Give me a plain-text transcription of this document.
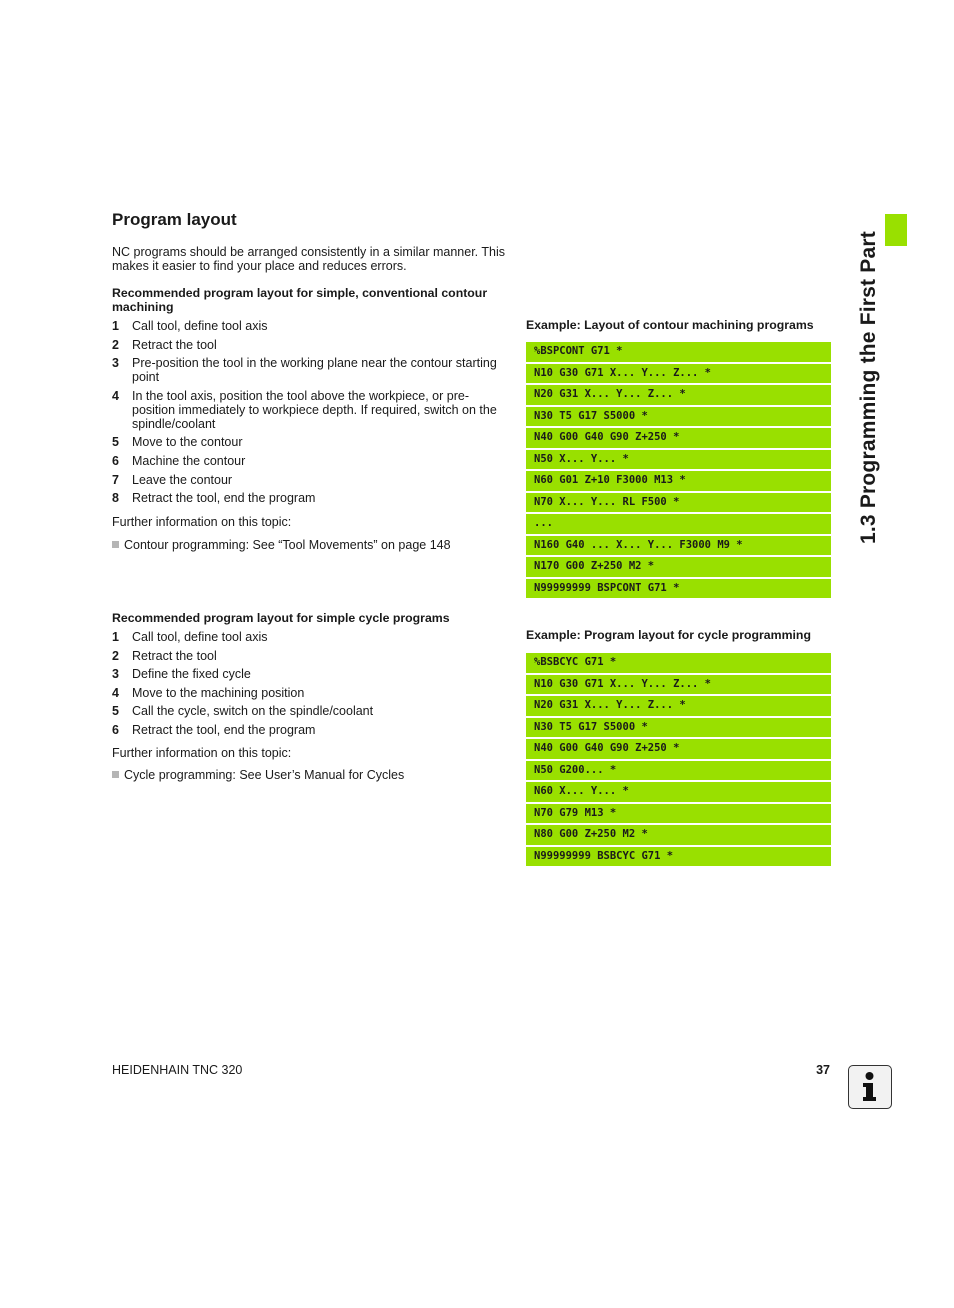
1.3 Programming the First Part
Program layout
NC programs should be arranged consistently in a similar manner. This makes it easier to find your place and reduces errors.
Recommended program layout for simple, conventional contour machining
1	Call tool, define tool axis
2	Retract the tool
3	Pre-position the tool in the working plane near the contour starting point
4	In the tool axis, position the tool above the workpiece, or pre-position immediately to workpiece depth. If required, switch on the spindle/coolant
5	Move to the contour
6	Machine the contour
7	Leave the contour
8	Retract the tool, end the program
Further information on this topic:
Contour programming: See “Tool Movements” on page 148
Example: Layout of contour machining programs
%BSPCONT G71 *
N10 G30 G71 X... Y... Z... *
N20 G31 X... Y... Z... *
N30 T5 G17 S5000 *
N40 G00 G40 G90 Z+250 *
N50 X... Y... *
N60 G01 Z+10 F3000 M13 *
N70 X... Y... RL F500 *
...
N160 G40 ... X... Y... F3000 M9 *
N170 G00 Z+250 M2 *
N99999999 BSPCONT G71 *
Recommended program layout for simple cycle programs
1	Call tool, define tool axis
2	Retract the tool
3	Define the fixed cycle
4	Move to the machining position
5	Call the cycle, switch on the spindle/coolant
6	Retract the tool, end the program
Further information on this topic:
Cycle programming: See User’s Manual for Cycles
Example: Program layout for cycle programming
%BSBCYC G71 *
N10 G30 G71 X... Y... Z... *
N20 G31 X... Y... Z... *
N30 T5 G17 S5000 *
N40 G00 G40 G90 Z+250 *
N50 G200... *
N60 X... Y... *
N70 G79 M13 *
N80 G00 Z+250 M2 *
N99999999 BSBCYC G71 *
HEIDENHAIN TNC 320	37
